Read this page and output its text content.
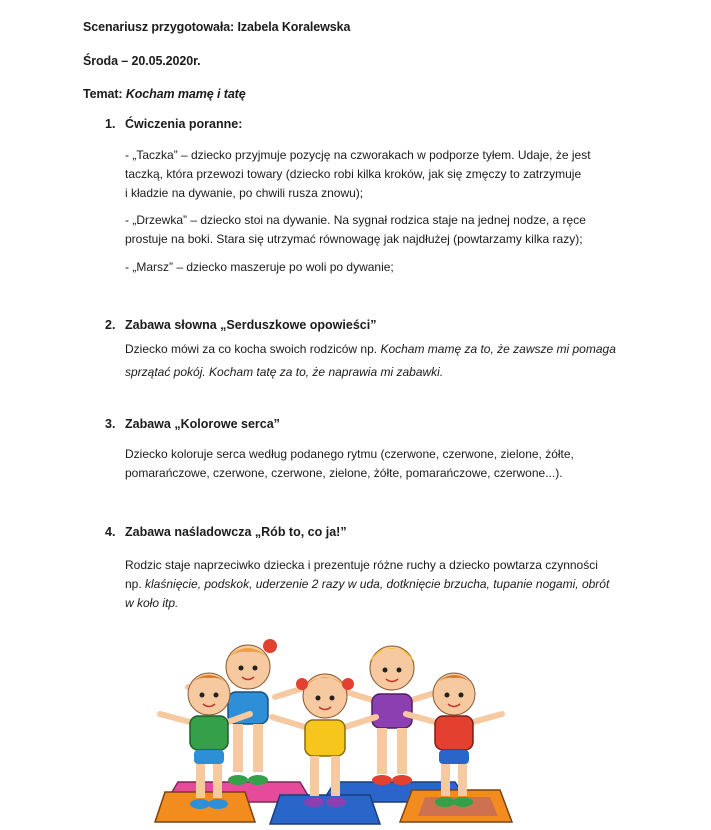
Scenariusz przygotowała: Izabela Koralewska
Środa – 20.05.2020r.
Temat: Kocham mamę i tatę
1. Ćwiczenia poranne:
- „Taczka” – dziecko przyjmuje pozycję na czworakach w podporze tyłem. Udaje, że jest
taczką, która przewozi towary (dziecko robi kilka kroków, jak się zmęczy to zatrzymuje
i kładzie na dywanie, po chwili rusza znowu);
- „Drzewka” – dziecko stoi na dywanie. Na sygnał rodzica staje na jednej nodze, a ręce
prostuje na boki. Stara się utrzymać równowagę jak najdłużej (powtarzamy kilka razy);
- „Marsz” – dziecko maszeruje po woli po dywanie;
2. Zabawa słowna „Serduszkowe opowieści”
Dziecko mówi za co kocha swoich rodziców np. Kocham mamę za to, że zawsze mi pomaga
sprzątać pokój. Kocham tatę za to, że naprawia mi zabawki.
3. Zabawa „Kolorowe serca”
Dziecko koloruje serca według podanego rytmu (czerwone, czerwone, zielone, żółte,
pomarańczowe, czerwone, czerwone, zielone, żółte, pomarańczowe, czerwone...).
4. Zabawa naśladowcza „Rób to, co ja!”
Rodzic staje naprzeciwko dziecka i prezentuje różne ruchy a dziecko powtarza czynności
np. klaśnięcie, podskok, uderzenie 2 razy w uda, dotknięcie brzucha, tupanie nogami, obrót
w koło itp.
